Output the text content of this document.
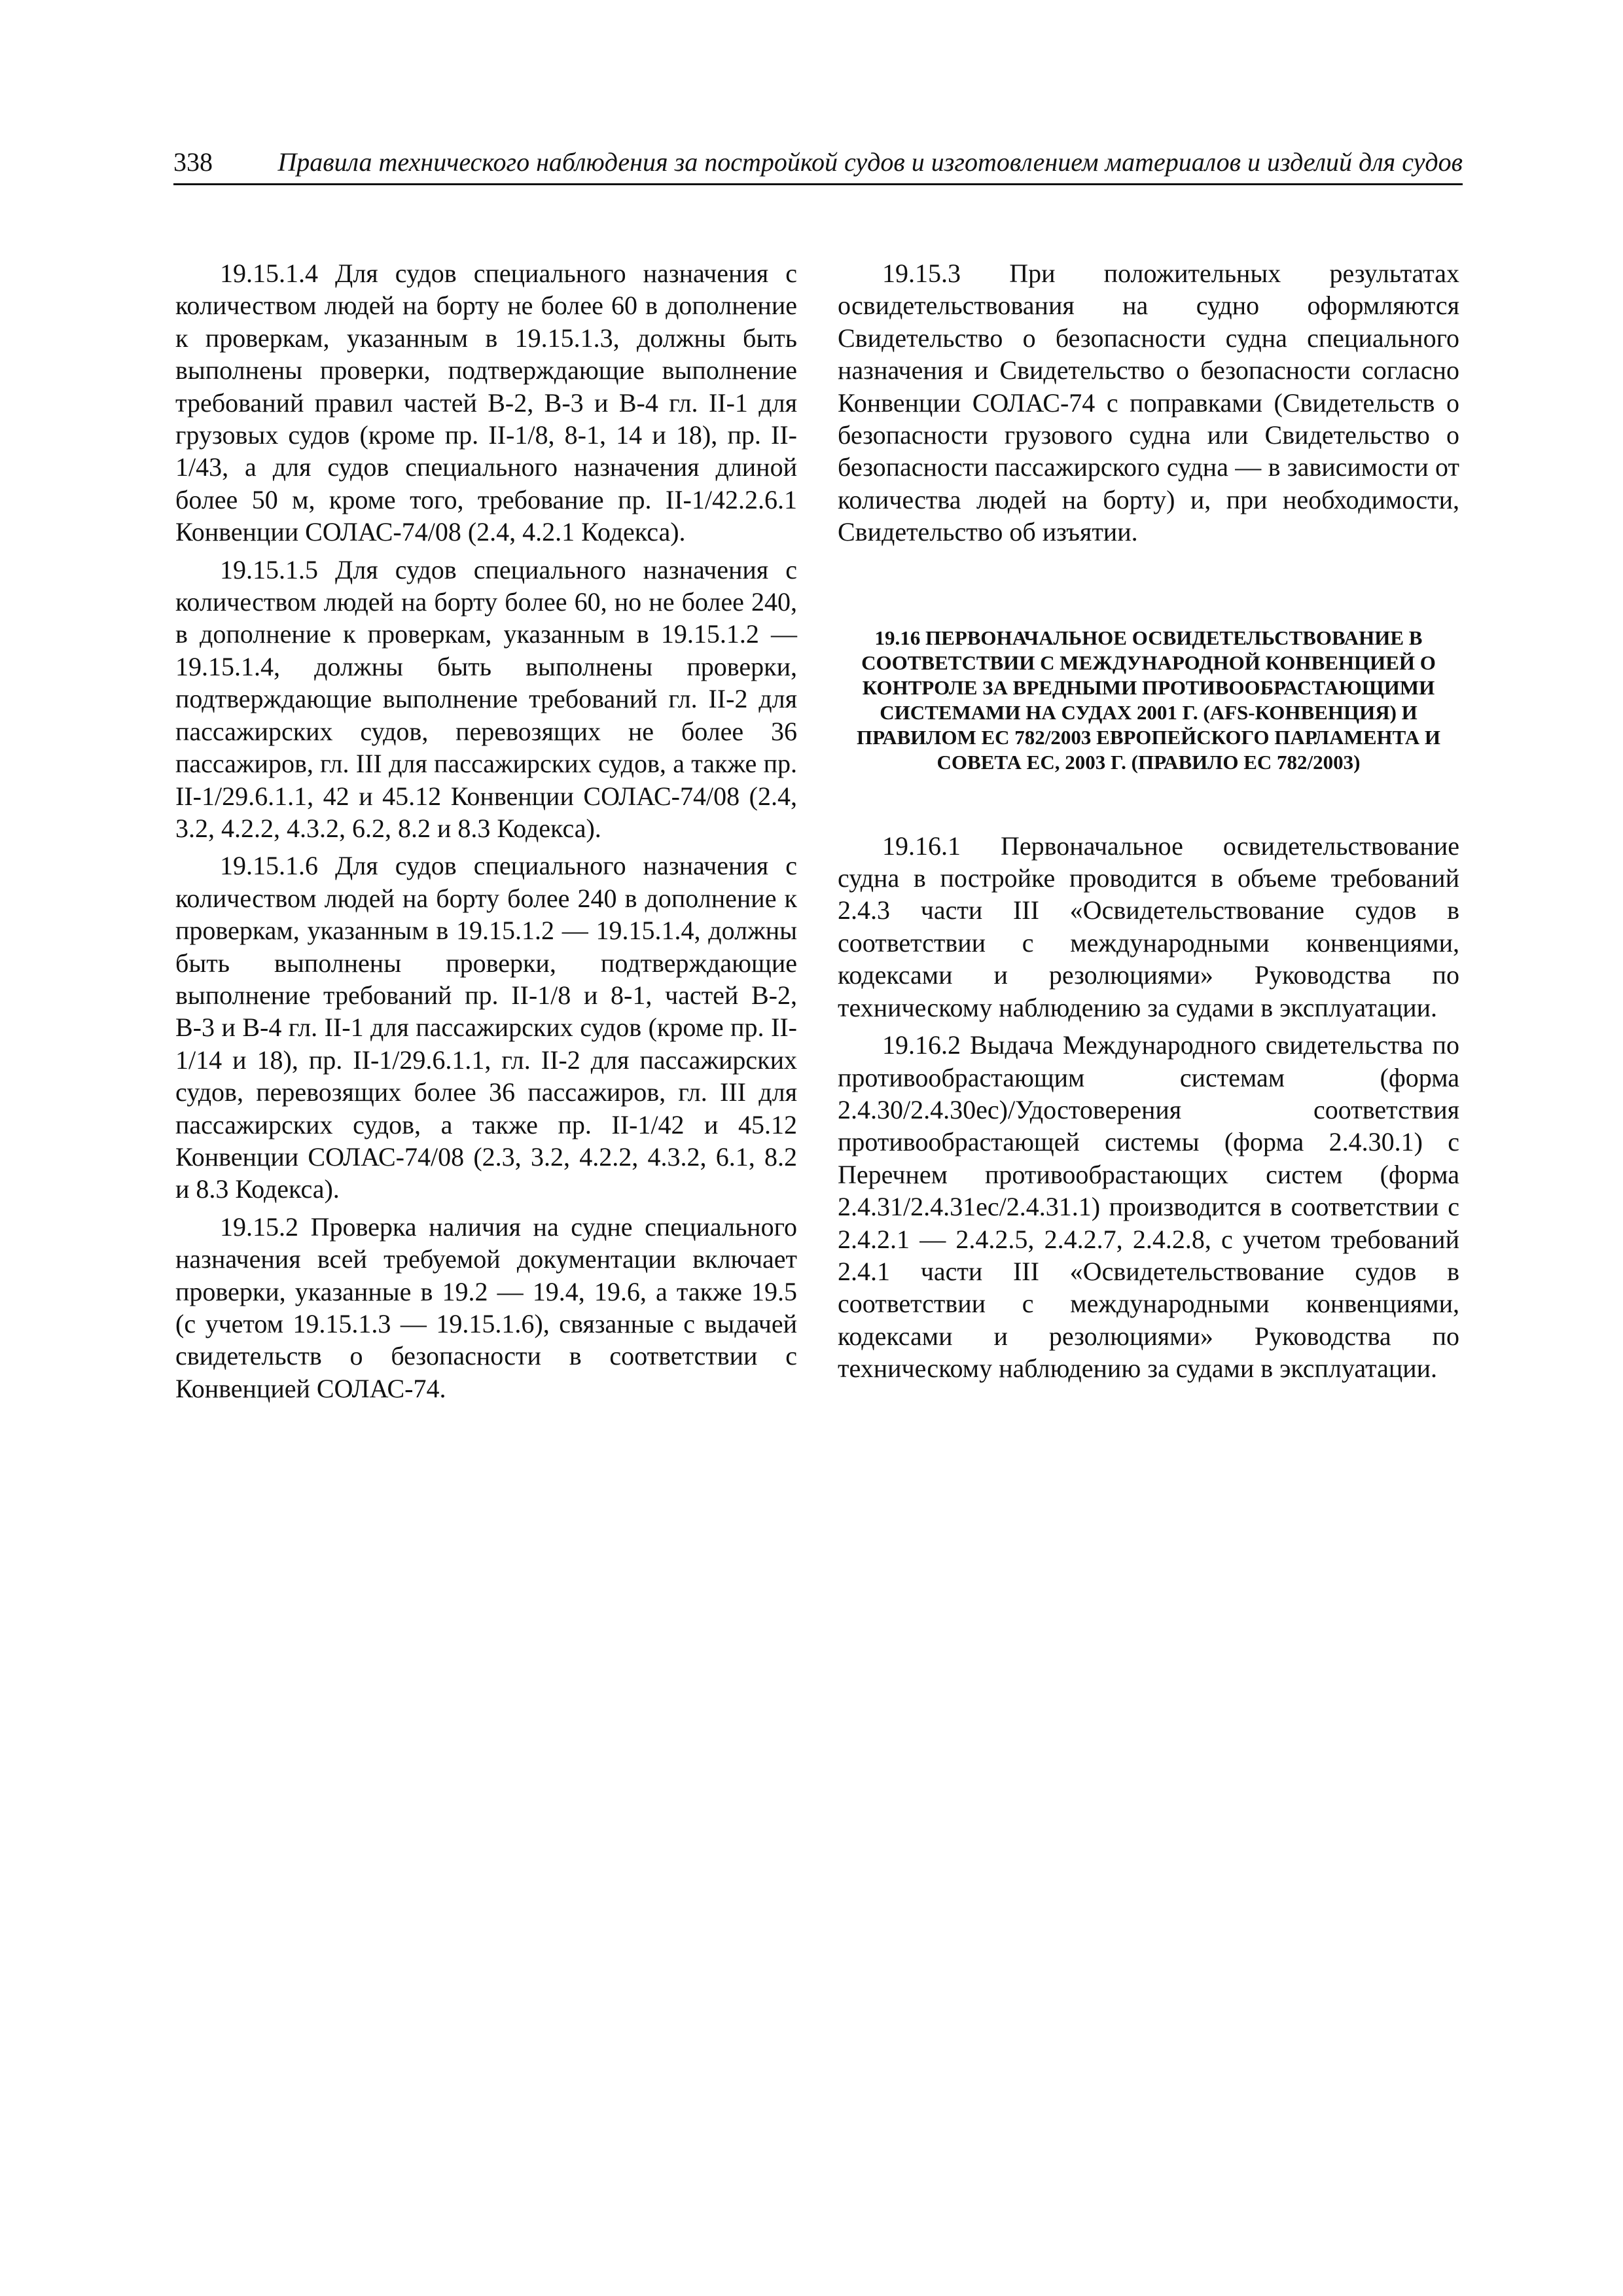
338 Правила технического наблюдения за постройкой судов и изготовлением материалов и изделий для судов

19.15.1.4 Для судов специального назначения с количеством людей на борту не более 60 в дополнение к проверкам, указанным в 19.15.1.3, должны быть выполнены проверки, подтверждающие выполнение требований правил частей В-2, В-3 и В-4 гл. II-1 для грузовых судов (кроме пр. II-1/8, 8-1, 14 и 18), пр. II-1/43, а для судов специального назначения длиной более 50 м, кроме того, требование пр. II-1/42.2.6.1 Конвенции СОЛАС-74/08 (2.4, 4.2.1 Кодекса).

19.15.1.5 Для судов специального назначения с количеством людей на борту более 60, но не более 240, в дополнение к проверкам, указанным в 19.15.1.2 — 19.15.1.4, должны быть выполнены проверки, подтверждающие выполнение требований гл. II-2 для пассажирских судов, перевозящих не более 36 пассажиров, гл. III для пассажирских судов, а также пр. II-1/29.6.1.1, 42 и 45.12 Конвенции СОЛАС-74/08 (2.4, 3.2, 4.2.2, 4.3.2, 6.2, 8.2 и 8.3 Кодекса).

19.15.1.6 Для судов специального назначения с количеством людей на борту более 240 в дополнение к проверкам, указанным в 19.15.1.2 — 19.15.1.4, должны быть выполнены проверки, подтверждающие выполнение требований пр. II-1/8 и 8-1, частей В-2, В-3 и В-4 гл. II-1 для пассажирских судов (кроме пр. II-1/14 и 18), пр. II-1/29.6.1.1, гл. II-2 для пассажирских судов, перевозящих более 36 пассажиров, гл. III для пассажирских судов, а также пр. II-1/42 и 45.12 Конвенции СОЛАС-74/08 (2.3, 3.2, 4.2.2, 4.3.2, 6.1, 8.2 и 8.3 Кодекса).

19.15.2 Проверка наличия на судне специального назначения всей требуемой документации включает проверки, указанные в 19.2 — 19.4, 19.6, а также 19.5 (с учетом 19.15.1.3 — 19.15.1.6), связанные с выдачей свидетельств о безопасности в соответствии с Конвенцией СОЛАС-74.

19.15.3 При положительных результатах освидетельствования на судно оформляются Свидетельство о безопасности судна специального назначения и Свидетельство о безопасности согласно Конвенции СОЛАС-74 с поправками (Свидетельств о безопасности грузового судна или Свидетельство о безопасности пассажирского судна — в зависимости от количества людей на борту) и, при необходимости, Свидетельство об изъятии.

19.16 ПЕРВОНАЧАЛЬНОЕ ОСВИДЕТЕЛЬСТВОВАНИЕ В СООТВЕТСТВИИ С МЕЖДУНАРОДНОЙ КОНВЕНЦИЕЙ О КОНТРОЛЕ ЗА ВРЕДНЫМИ ПРОТИВООБРАСТАЮЩИМИ СИСТЕМАМИ НА СУДАХ 2001 Г. (AFS-КОНВЕНЦИЯ) И ПРАВИЛОМ ЕС 782/2003 ЕВРОПЕЙСКОГО ПАРЛАМЕНТА И СОВЕТА ЕС, 2003 Г. (ПРАВИЛО ЕС 782/2003)

19.16.1 Первоначальное освидетельствование судна в постройке проводится в объеме требований 2.4.3 части III «Освидетельствование судов в соответствии с международными конвенциями, кодексами и резолюциями» Руководства по техническому наблюдению за судами в эксплуатации.

19.16.2 Выдача Международного свидетельства по противообрастающим системам (форма 2.4.30/2.4.30ec)/Удостоверения соответствия противообрастающей системы (форма 2.4.30.1) с Перечнем противообрастающих систем (форма 2.4.31/2.4.31ec/2.4.31.1) производится в соответствии с 2.4.2.1 — 2.4.2.5, 2.4.2.7, 2.4.2.8, с учетом требований 2.4.1 части III «Освидетельствование судов в соответствии с международными конвенциями, кодексами и резолюциями» Руководства по техническому наблюдению за судами в эксплуатации.
